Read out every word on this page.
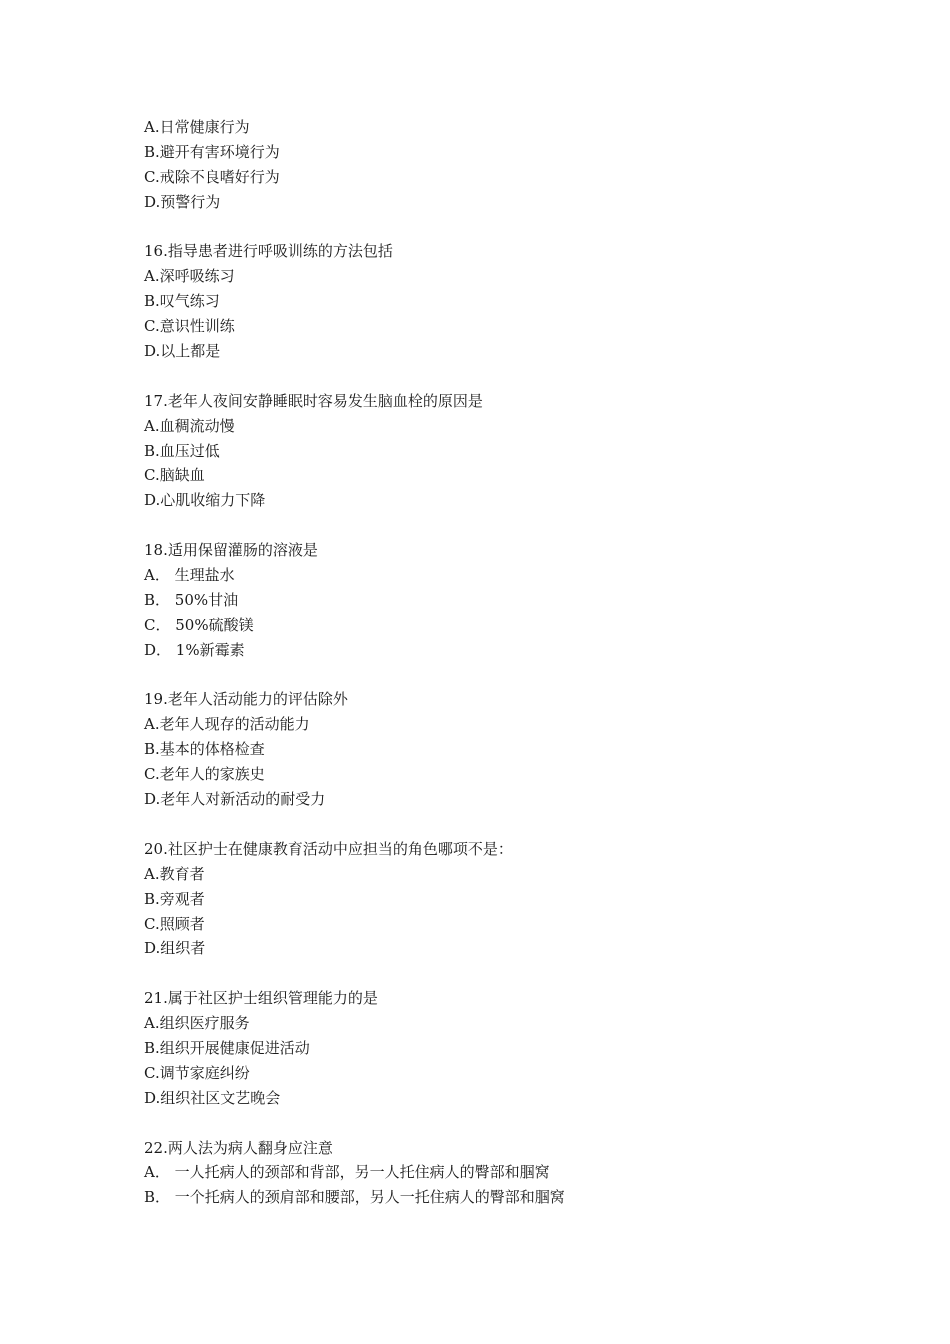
A.日常健康行为
B.避开有害环境行为
C.戒除不良嗜好行为
D.预警行为
16.指导患者进行呼吸训练的方法包括
A.深呼吸练习
B.叹气练习
C.意识性训练
D.以上都是
17.老年人夜间安静睡眠时容易发生脑血栓的原因是
A.血稠流动慢
B.血压过低
C.脑缺血
D.心肌收缩力下降
18.适用保留灌肠的溶液是
A． 生理盐水
B． 50%甘油
C． 50%硫酸镁
D． 1%新霉素
19.老年人活动能力的评估除外
A.老年人现存的活动能力
B.基本的体格检查
C.老年人的家族史
D.老年人对新活动的耐受力
20.社区护士在健康教育活动中应担当的角色哪项不是：
A.教育者
B.旁观者
C.照顾者
D.组织者
21.属于社区护士组织管理能力的是
A.组织医疗服务
B.组织开展健康促进活动
C.调节家庭纠纷
D.组织社区文艺晚会
22.两人法为病人翻身应注意
A． 一人托病人的颈部和背部，另一人托住病人的臀部和腘窝
B． 一个托病人的颈肩部和腰部，另人一托住病人的臀部和腘窝
